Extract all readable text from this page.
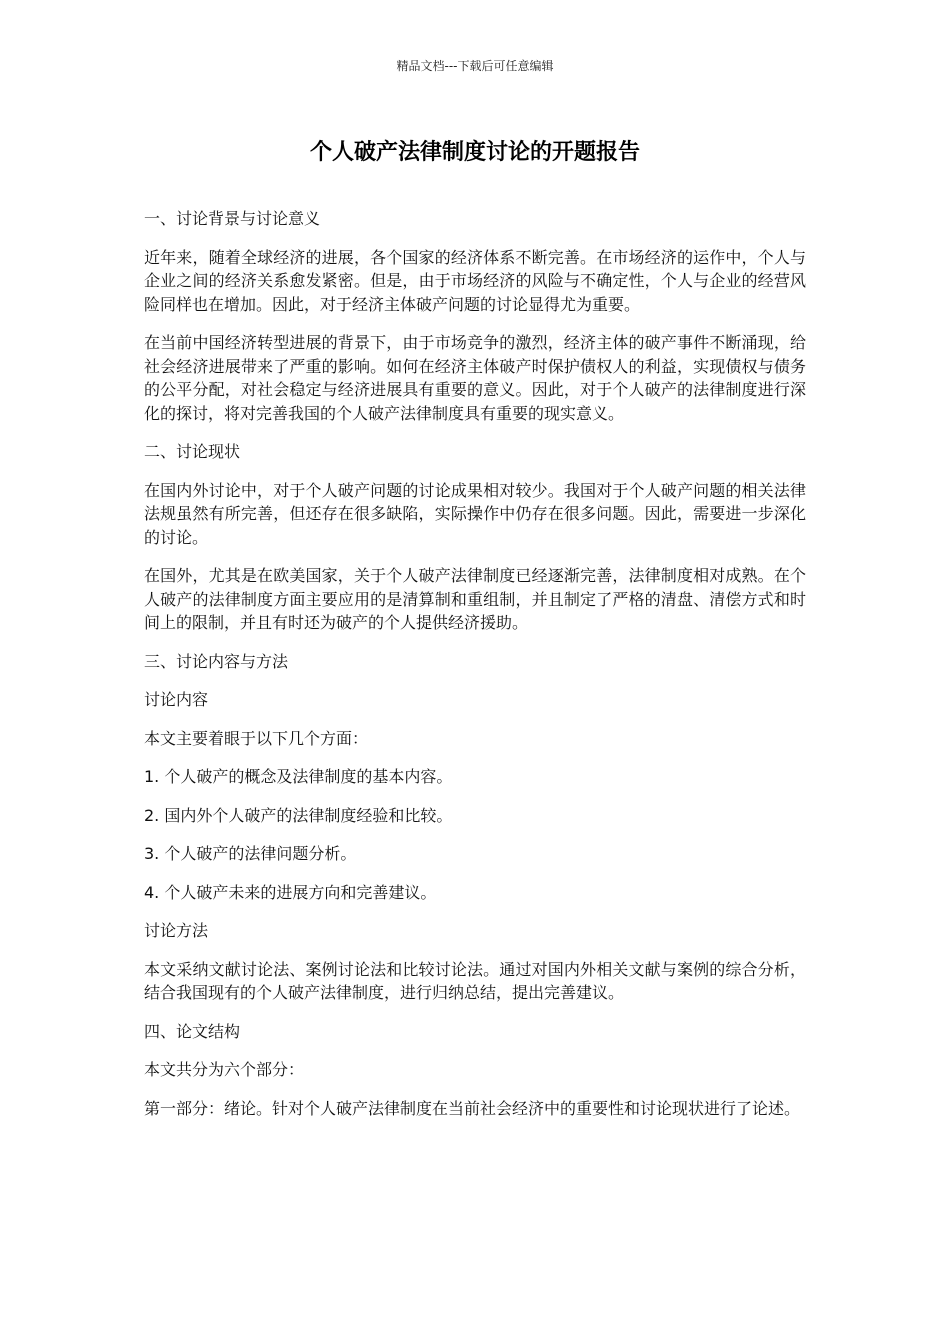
精品文档---下载后可任意编辑
个人破产法律制度讨论的开题报告

一、讨论背景与讨论意义

近年来，随着全球经济的进展，各个国家的经济体系不断完善。在市场经济的运作中，个人与企业之间的经济关系愈发紧密。但是，由于市场经济的风险与不确定性，个人与企业的经营风险同样也在增加。因此，对于经济主体破产问题的讨论显得尤为重要。

在当前中国经济转型进展的背景下，由于市场竞争的激烈，经济主体的破产事件不断涌现，给社会经济进展带来了严重的影响。如何在经济主体破产时保护债权人的利益，实现债权与债务的公平分配，对社会稳定与经济进展具有重要的意义。因此，对于个人破产的法律制度进行深化的探讨，将对完善我国的个人破产法律制度具有重要的现实意义。

二、讨论现状

在国内外讨论中，对于个人破产问题的讨论成果相对较少。我国对于个人破产问题的相关法律法规虽然有所完善，但还存在很多缺陷，实际操作中仍存在很多问题。因此，需要进一步深化的讨论。

在国外，尤其是在欧美国家，关于个人破产法律制度已经逐渐完善，法律制度相对成熟。在个人破产的法律制度方面主要应用的是清算制和重组制，并且制定了严格的清盘、清偿方式和时间上的限制，并且有时还为破产的个人提供经济援助。

三、讨论内容与方法

讨论内容

本文主要着眼于以下几个方面：

1. 个人破产的概念及法律制度的基本内容。

2. 国内外个人破产的法律制度经验和比较。

3. 个人破产的法律问题分析。

4. 个人破产未来的进展方向和完善建议。

讨论方法

本文采纳文献讨论法、案例讨论法和比较讨论法。通过对国内外相关文献与案例的综合分析，结合我国现有的个人破产法律制度，进行归纳总结，提出完善建议。

四、论文结构

本文共分为六个部分：

第一部分：绪论。针对个人破产法律制度在当前社会经济中的重要性和讨论现状进行了论述。
